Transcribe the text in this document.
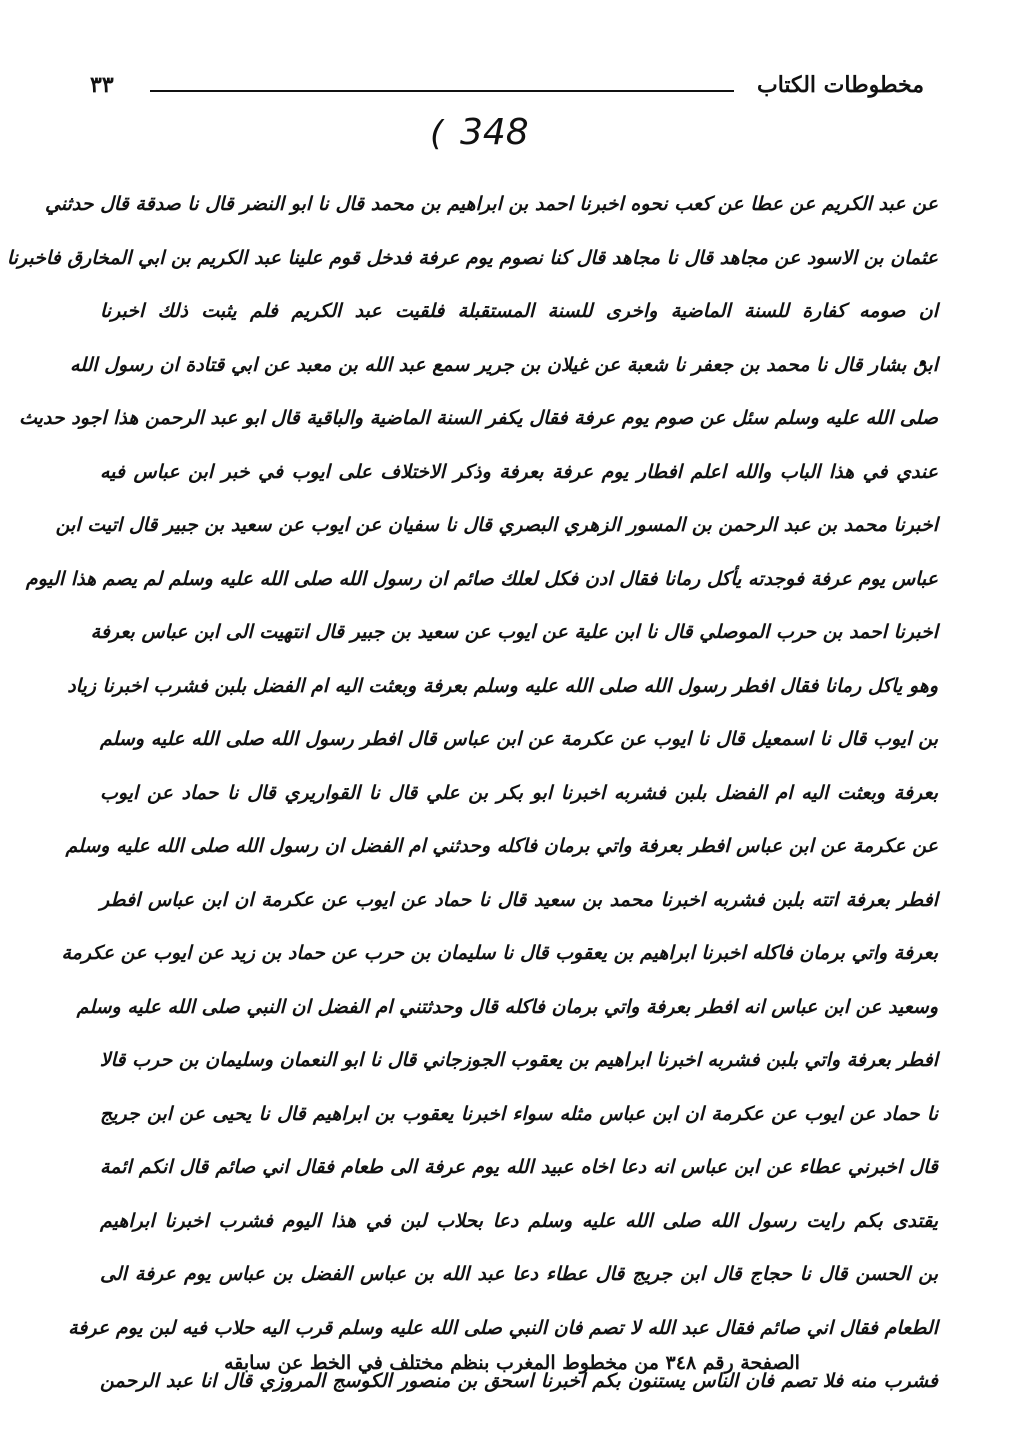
مخطوطات الكتاب
٣٣
( 348
عن عبد الكريم عن عطا عن كعب نحوه اخبرنا احمد بن ابراهيم بن محمد قال نا ابو النضر قال نا صدقة قال حدثني
عثمان بن الاسود عن مجاهد قال نا مجاهد قال كنا نصوم يوم عرفة فدخل قوم علينا عبد الكريم بن ابي المخارق فاخبرنا
ان صومه كفارة للسنة الماضية واخرى للسنة المستقبلة فلقيت عبد الكريم فلم يثبت ذلك اخبرنا
ابن بشار قال نا محمد بن جعفر نا شعبة عن غيلان بن جرير سمع عبد الله بن معبد عن ابي قتادة ان رسول الله
صلى الله عليه وسلم سئل عن صوم يوم عرفة فقال يكفر السنة الماضية والباقية قال ابو عبد الرحمن هذا اجود حديث
عندي في هذا الباب والله اعلم افطار يوم عرفة بعرفة وذكر الاختلاف على ايوب في خبر ابن عباس فيه
اخبرنا محمد بن عبد الرحمن بن المسور الزهري البصري قال نا سفيان عن ايوب عن سعيد بن جبير قال اتيت ابن
عباس يوم عرفة فوجدته يأكل رمانا فقال ادن فكل لعلك صائم ان رسول الله صلى الله عليه وسلم لم يصم هذا اليوم
اخبرنا احمد بن حرب الموصلي قال نا ابن علية عن ايوب عن سعيد بن جبير قال انتهيت الى ابن عباس بعرفة
وهو ياكل رمانا فقال افطر رسول الله صلى الله عليه وسلم بعرفة وبعثت اليه ام الفضل بلبن فشرب اخبرنا زياد
بن ايوب قال نا اسمعيل قال نا ايوب عن عكرمة عن ابن عباس قال افطر رسول الله صلى الله عليه وسلم
بعرفة وبعثت اليه ام الفضل بلبن فشربه اخبرنا ابو بكر بن علي قال نا القواريري قال نا حماد عن ايوب
عن عكرمة عن ابن عباس افطر بعرفة واتي برمان فاكله وحدثني ام الفضل ان رسول الله صلى الله عليه وسلم
افطر بعرفة اتته بلبن فشربه اخبرنا محمد بن سعيد قال نا حماد عن ايوب عن عكرمة ان ابن عباس افطر
بعرفة واتي برمان فاكله اخبرنا ابراهيم بن يعقوب قال نا سليمان بن حرب عن حماد بن زيد عن ايوب عن عكرمة
وسعيد عن ابن عباس انه افطر بعرفة واتي برمان فاكله قال وحدثتني ام الفضل ان النبي صلى الله عليه وسلم
افطر بعرفة واتي بلبن فشربه اخبرنا ابراهيم بن يعقوب الجوزجاني قال نا ابو النعمان وسليمان بن حرب قالا
نا حماد عن ايوب عن عكرمة ان ابن عباس مثله سواء اخبرنا يعقوب بن ابراهيم قال نا يحيى عن ابن جريج
قال اخبرني عطاء عن ابن عباس انه دعا اخاه عبيد الله يوم عرفة الى طعام فقال اني صائم قال انكم ائمة
يقتدى بكم رايت رسول الله صلى الله عليه وسلم دعا بحلاب لبن في هذا اليوم فشرب اخبرنا ابراهيم
بن الحسن قال نا حجاج قال ابن جريج قال عطاء دعا عبد الله بن عباس الفضل بن عباس يوم عرفة الى
الطعام فقال اني صائم فقال عبد الله لا تصم فان النبي صلى الله عليه وسلم قرب اليه حلاب فيه لبن يوم عرفة
فشرب منه فلا تصم فان الناس يستنون بكم اخبرنا اسحق بن منصور الكوسج المروزي قال انا عبد الرحمن
الصفحة رقم ٣٤٨ من مخطوط المغرب بنظم مختلف في الخط عن سابقه
